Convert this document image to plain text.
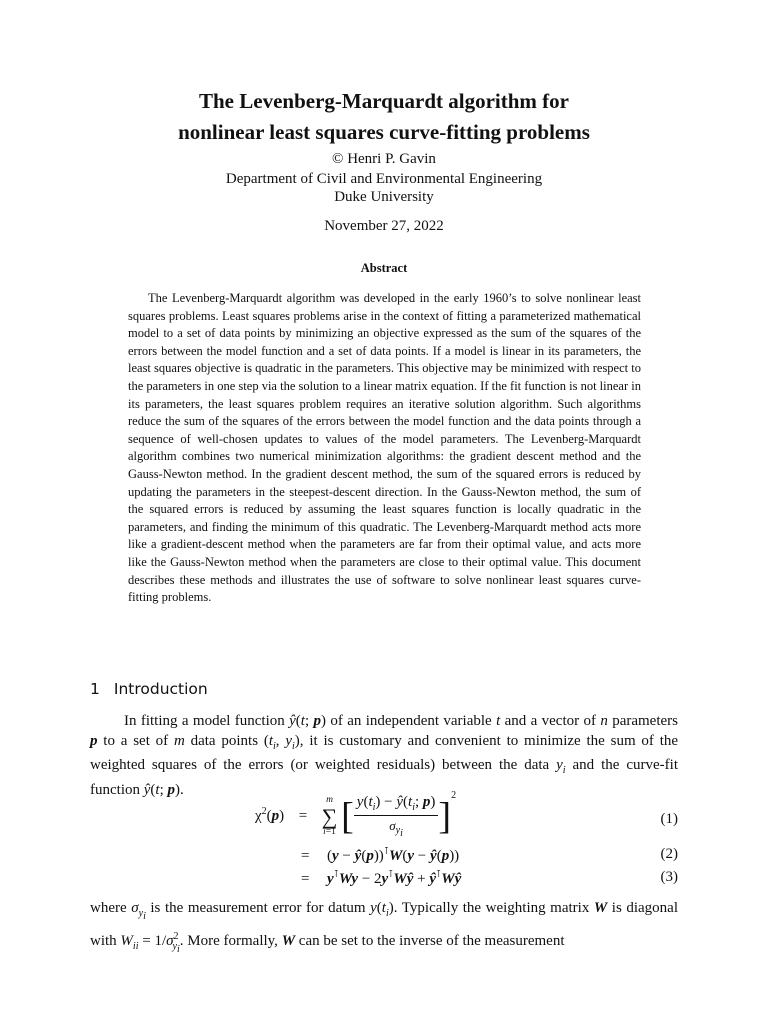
The Levenberg-Marquardt algorithm for
nonlinear least squares curve-fitting problems
© Henri P. Gavin
Department of Civil and Environmental Engineering
Duke University
November 27, 2022
Abstract

The Levenberg-Marquardt algorithm was developed in the early 1960’s to solve nonlinear least squares problems. Least squares problems arise in the context of fitting a parameterized mathematical model to a set of data points by minimizing an objective expressed as the sum of the squares of the errors between the model function and a set of data points. If a model is linear in its parameters, the least squares objective is quadratic in the parameters. This objective may be minimized with respect to the parameters in one step via the solution to a linear matrix equation. If the fit function is not linear in its parameters, the least squares problem requires an iterative solution algorithm. Such algorithms reduce the sum of the squares of the errors between the model function and the data points through a sequence of well-chosen updates to values of the model parameters. The Levenberg-Marquardt algorithm combines two numerical minimization algorithms: the gradient descent method and the Gauss-Newton method. In the gradient descent method, the sum of the squared errors is reduced by updating the parameters in the steepest-descent direction. In the Gauss-Newton method, the sum of the squared errors is reduced by assuming the least squares function is locally quadratic in the parameters, and finding the minimum of this quadratic. The Levenberg-Marquardt method acts more like a gradient-descent method when the parameters are far from their optimal value, and acts more like the Gauss-Newton method when the parameters are close to their optimal value. This document describes these methods and illustrates the use of software to solve nonlinear least squares curve-fitting problems.

1 Introduction

In fitting a model function ŷ(t; p) of an independent variable t and a vector of n parameters p to a set of m data points ($t_i$, $y_i$), it is customary and convenient to minimize the sum of the weighted squares of the errors (or weighted residuals) between the data $y_i$ and the curve-fit function ŷ(t; p).

$\chi^2(p)$ =
m
∑
i=1 [ $\frac{y(t_i) - ŷ(t_i; p)}{\sigma_{y_i}} ]^2$
(1)
= (y − ŷ(p))⊺W(y − ŷ(p))	(2)
= y⊺Wy − 2y⊺Wŷ + ŷ⊺Wŷ	(3)

where $\sigma_{y_i}$ is the measurement error for datum $y(t_i)$. Typically the weighting matrix W is diagonal with $W_{ii} = 1/\sigma^2_{y_i}$. More formally, W can be set to the inverse of the measurement
